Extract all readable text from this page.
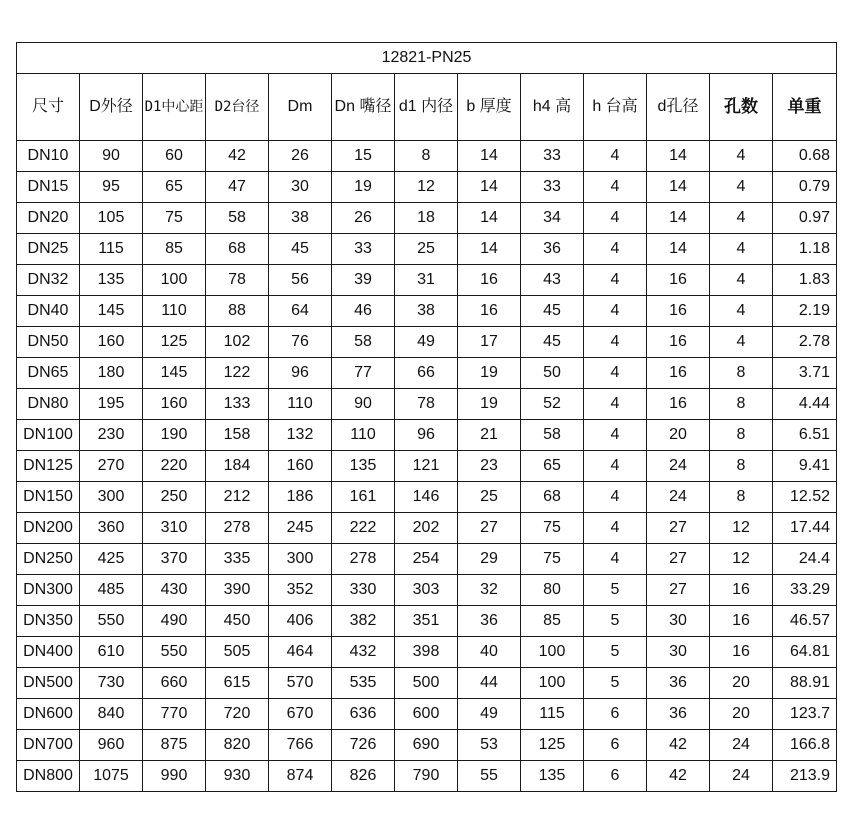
12821-PN25												
尺寸	D外径	D1中心距	D2台径	Dm	Dn 嘴径	d1 内径	b 厚度	h4 高	h 台高	d孔径	孔数	单重
DN10	90	60	42	26	15	8	14	33	4	14	4	0.68
DN15	95	65	47	30	19	12	14	33	4	14	4	0.79
DN20	105	75	58	38	26	18	14	34	4	14	4	0.97
DN25	115	85	68	45	33	25	14	36	4	14	4	1.18
DN32	135	100	78	56	39	31	16	43	4	16	4	1.83
DN40	145	110	88	64	46	38	16	45	4	16	4	2.19
DN50	160	125	102	76	58	49	17	45	4	16	4	2.78
DN65	180	145	122	96	77	66	19	50	4	16	8	3.71
DN80	195	160	133	110	90	78	19	52	4	16	8	4.44
DN100	230	190	158	132	110	96	21	58	4	20	8	6.51
DN125	270	220	184	160	135	121	23	65	4	24	8	9.41
DN150	300	250	212	186	161	146	25	68	4	24	8	12.52
DN200	360	310	278	245	222	202	27	75	4	27	12	17.44
DN250	425	370	335	300	278	254	29	75	4	27	12	24.4
DN300	485	430	390	352	330	303	32	80	5	27	16	33.29
DN350	550	490	450	406	382	351	36	85	5	30	16	46.57
DN400	610	550	505	464	432	398	40	100	5	30	16	64.81
DN500	730	660	615	570	535	500	44	100	5	36	20	88.91
DN600	840	770	720	670	636	600	49	115	6	36	20	123.7
DN700	960	875	820	766	726	690	53	125	6	42	24	166.8
DN800	1075	990	930	874	826	790	55	135	6	42	24	213.9
